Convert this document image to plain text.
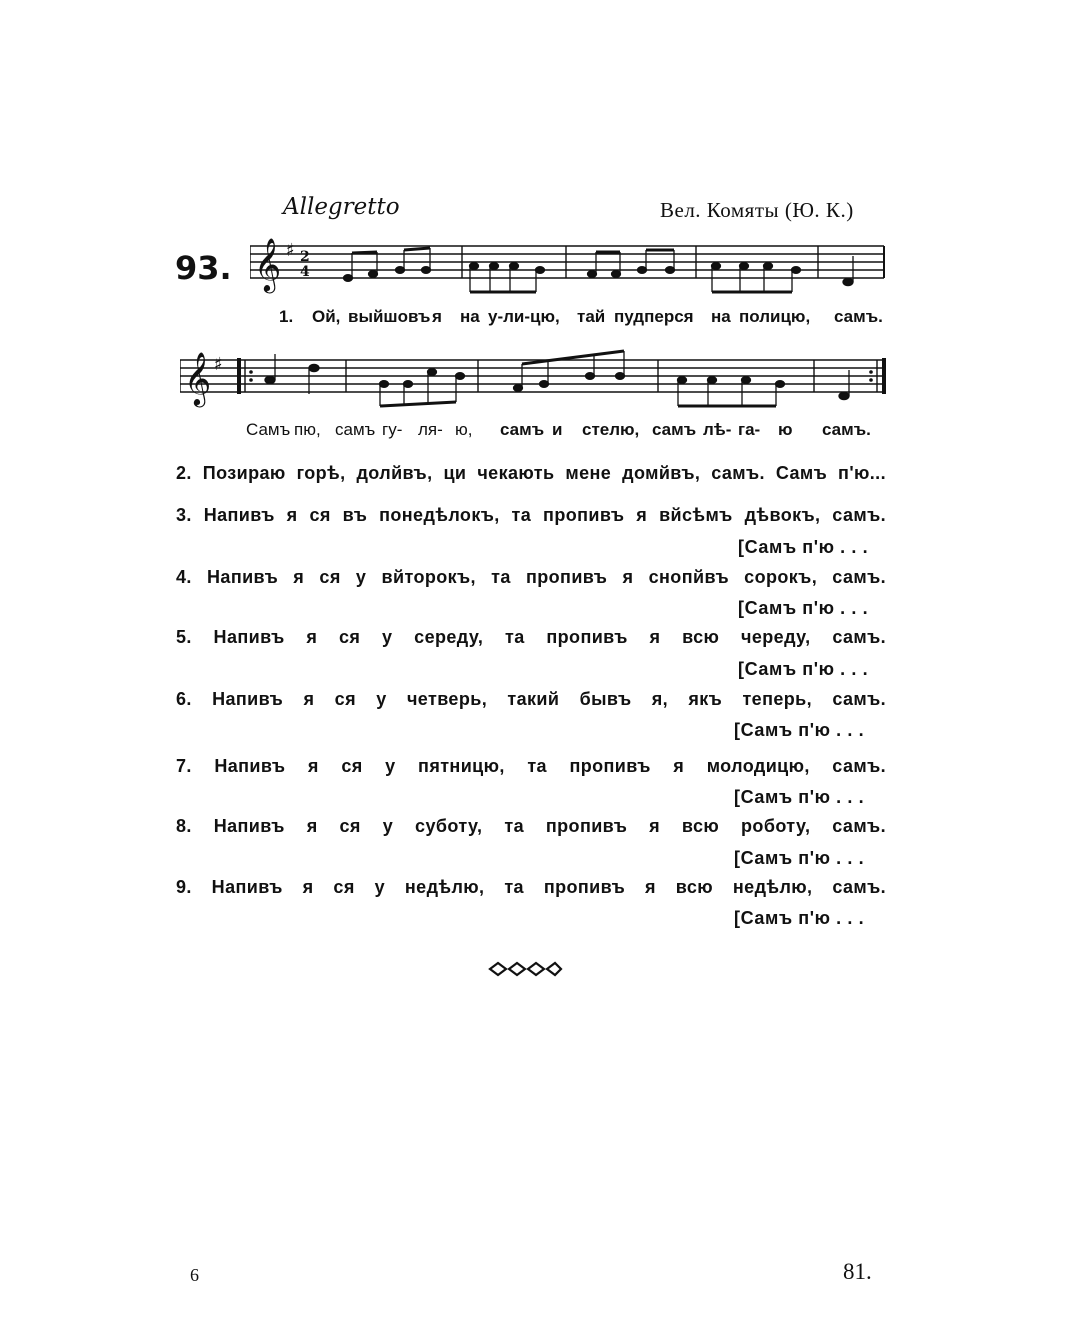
Allegretto	Вел. Комяты (Ю. К.)
93. 𝄞 ♯ 2
4
1. Ой, выйшовъ я на у-ли-цю, тай пудперся на полицю, самъ.
𝄞 ♯
Самъ пю, самъ гу- ля- ю, самъ и стелю, самъ лѣ- га- ю самъ.
2. Позираю горѣ, долйвъ, ци чекають мене домйвъ, самъ. Самъ п'ю...
3. Напивъ я ся въ понедѣлокъ, та пропивъ я вйсѣмъ дѣвокъ, самъ.
[Самъ п'ю . . .
4. Напивъ я ся у вйторокъ, та пропивъ я снопйвъ сорокъ, самъ.
[Самъ п'ю . . .
5. Напивъ я ся у середу, та пропивъ я всю череду, самъ.
[Самъ п'ю . . .
6. Напивъ я ся у четверь, такий бывъ я, якъ теперь, самъ.
[Самъ п'ю . . .
7. Напивъ я ся у пятницю, та пропивъ я молодицю, самъ.
[Самъ п'ю . . .
8. Напивъ я ся у суботу, та пропивъ я всю роботу, самъ.
[Самъ п'ю . . .
9. Напивъ я ся у недѣлю, та пропивъ я всю недѣлю, самъ.
[Самъ п'ю . . .
6	81.
